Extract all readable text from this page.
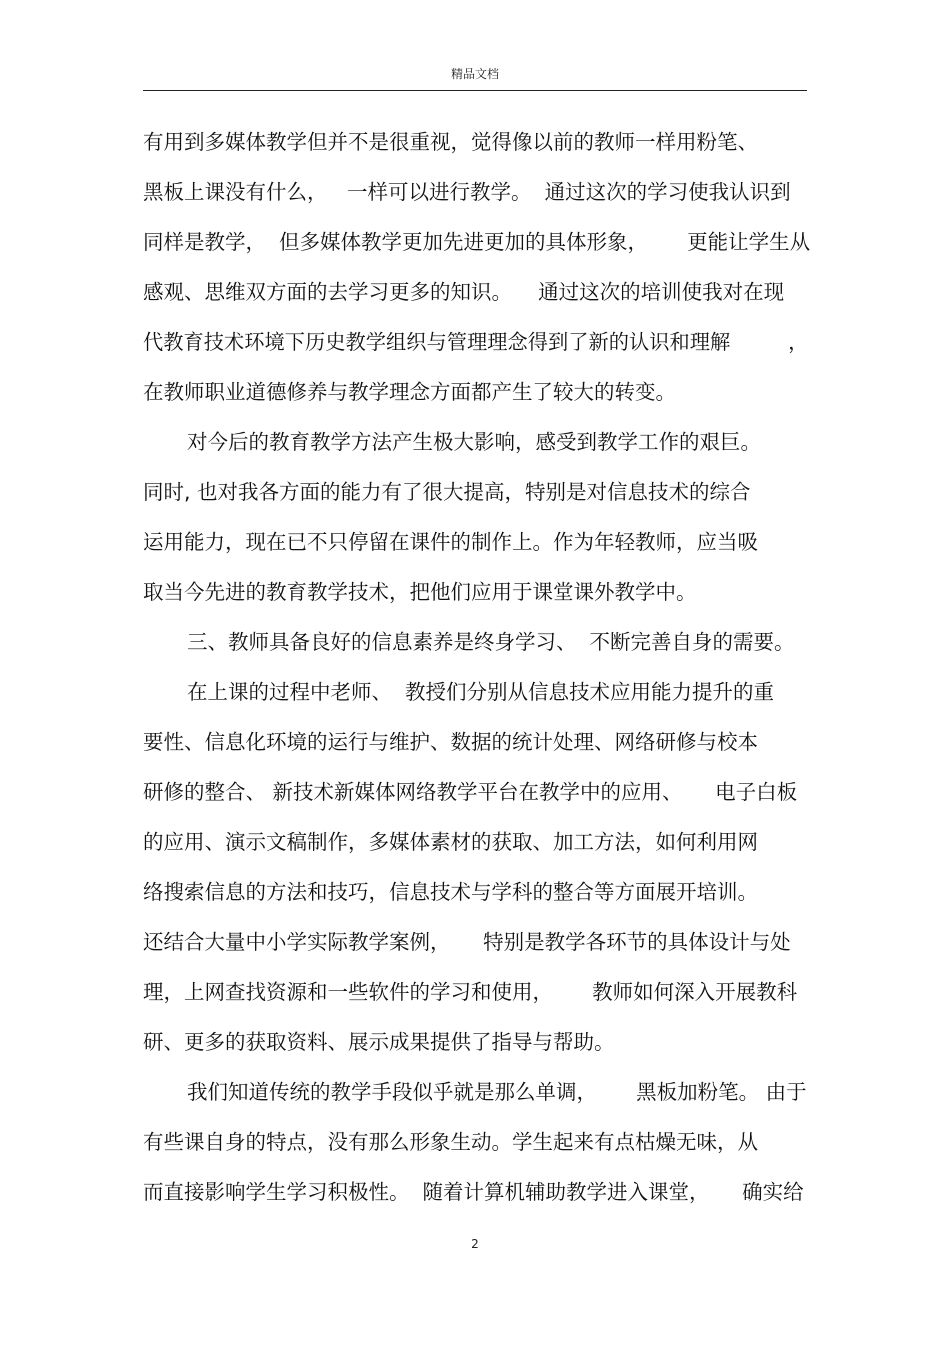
精品文档
有用到多媒体教学但并不是很重视，觉得像以前的教师一样用粉笔、
黑板上课没有什么，   一样可以进行教学。  通过这次的学习使我认识到
同样是教学，  但多媒体教学更加先进更加的具体形象，      更能让学生从
感观、思维双方面的去学习更多的知识。    通过这次的培训使我对在现
代教育技术环境下历史教学组织与管理理念得到了新的认识和理解         ，
在教师职业道德修养与教学理念方面都产生了较大的转变。
对今后的教育教学方法产生极大影响，感受到教学工作的艰巨。
同时, 也对我各方面的能力有了很大提高，特别是对信息技术的综合
运用能力，现在已不只停留在课件的制作上。作为年轻教师，应当吸
取当今先进的教育教学技术，把他们应用于课堂课外教学中。
三、教师具备良好的信息素养是终身学习、  不断完善自身的需要。
在上课的过程中老师、  教授们分别从信息技术应用能力提升的重
要性、信息化环境的运行与维护、数据的统计处理、网络研修与校本
研修的整合、 新技术新媒体网络教学平台在教学中的应用、     电子白板
的应用、演示文稿制作，多媒体素材的获取、加工方法，如何利用网
络搜索信息的方法和技巧，信息技术与学科的整合等方面展开培训。
还结合大量中小学实际教学案例，     特别是教学各环节的具体设计与处
理，上网查找资源和一些软件的学习和使用，      教师如何深入开展教科
研、更多的获取资料、展示成果提供了指导与帮助。
我们知道传统的教学手段似乎就是那么单调，      黑板加粉笔。 由于
有些课自身的特点，没有那么形象生动。学生起来有点枯燥无味，从
而直接影响学生学习积极性。  随着计算机辅助教学进入课堂，     确实给
2
